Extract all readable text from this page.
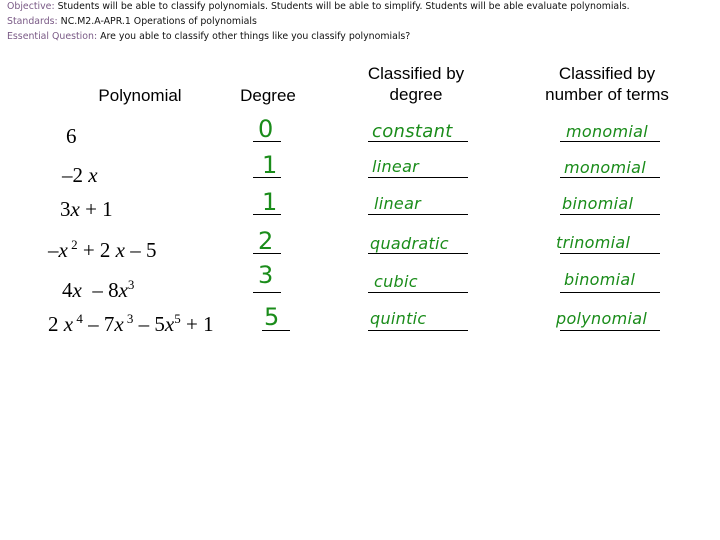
Objective: Students will be able to classify polynomials. Students will be able to simplify. Students will be able evaluate polynomials.
Standards: NC.M2.A-APR.1 Operations of polynomials
Essential Question: Are you able to classify other things like you classify polynomials?
Polynomial	Degree
Classified by degree
Classified by number of terms
6
–2 x
3x + 1
–x $^2$ + 2 x – 5
$4x - 8x^3$
2 x $^4$ – 7x $^3 - 5x^5 + 1$
0
1
1
2
3
5
constant
linear
linear
quadratic
cubic
quintic
monomial
monomial
binomial
trinomial
binomial
polynomial
